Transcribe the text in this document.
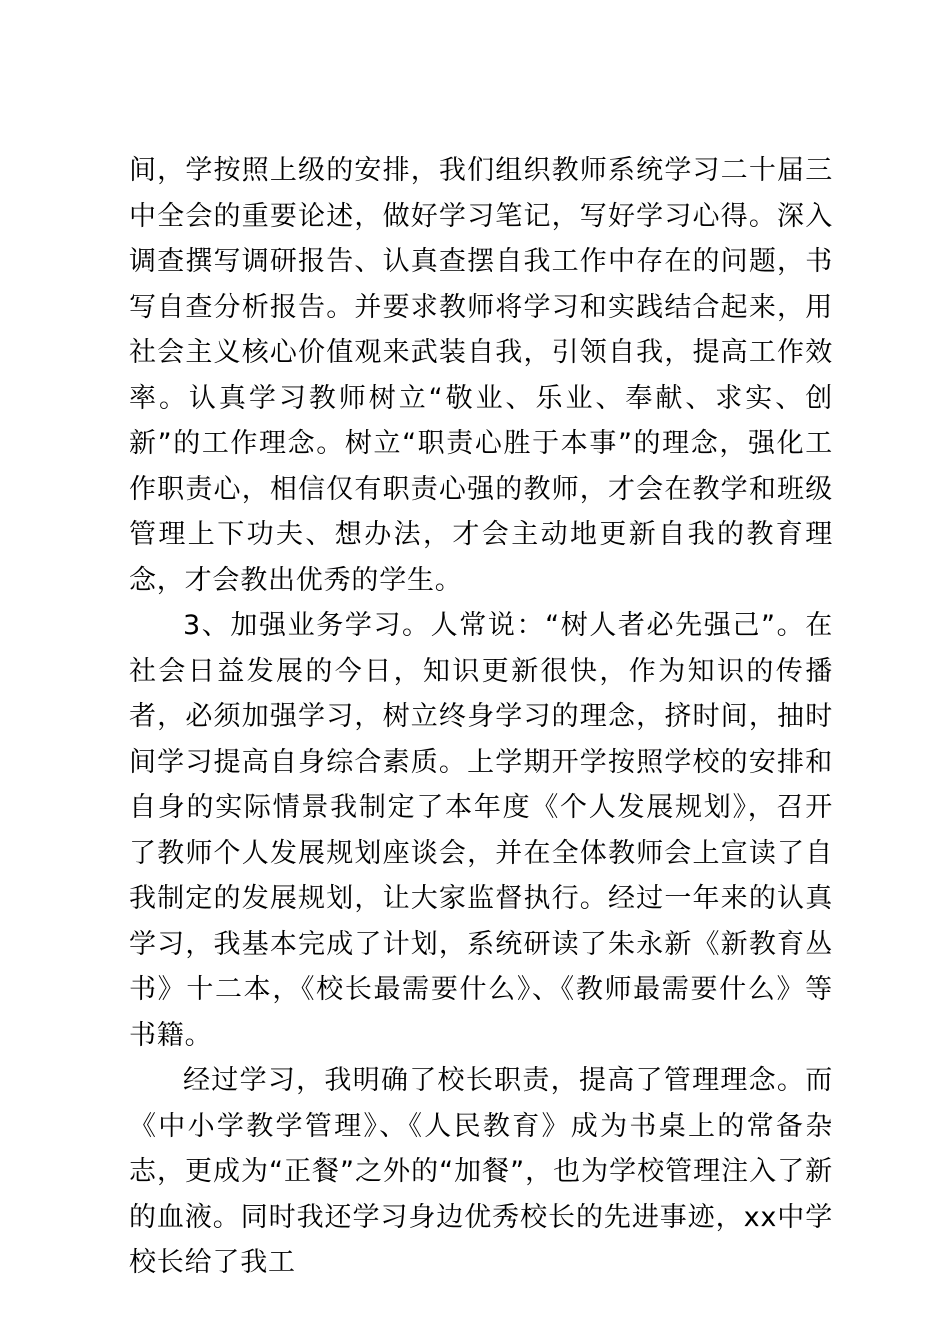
间，学按照上级的安排，我们组织教师系统学习二十届三中全会的重要论述，做好学习笔记，写好学习心得。深入调查撰写调研报告、认真查摆自我工作中存在的问题，书写自查分析报告。并要求教师将学习和实践结合起来，用社会主义核心价值观来武装自我，引领自我，提高工作效率。认真学习教师树立“敬业、乐业、奉献、求实、创新”的工作理念。树立“职责心胜于本事”的理念，强化工作职责心，相信仅有职责心强的教师，才会在教学和班级管理上下功夫、想办法，才会主动地更新自我的教育理念，才会教出优秀的学生。

3、加强业务学习。人常说：“树人者必先强己”。在社会日益发展的今日，知识更新很快，作为知识的传播者，必须加强学习，树立终身学习的理念，挤时间，抽时间学习提高自身综合素质。上学期开学按照学校的安排和自身的实际情景我制定了本年度《个人发展规划》，召开了教师个人发展规划座谈会，并在全体教师会上宣读了自我制定的发展规划，让大家监督执行。经过一年来的认真学习，我基本完成了计划，系统研读了朱永新《新教育丛书》十二本，《校长最需要什么》、《教师最需要什么》等书籍。

经过学习，我明确了校长职责，提高了管理理念。而《中小学教学管理》、《人民教育》成为书桌上的常备杂志，更成为“正餐”之外的“加餐”，也为学校管理注入了新的血液。同时我还学习身边优秀校长的先进事迹，xx中学校长给了我工
